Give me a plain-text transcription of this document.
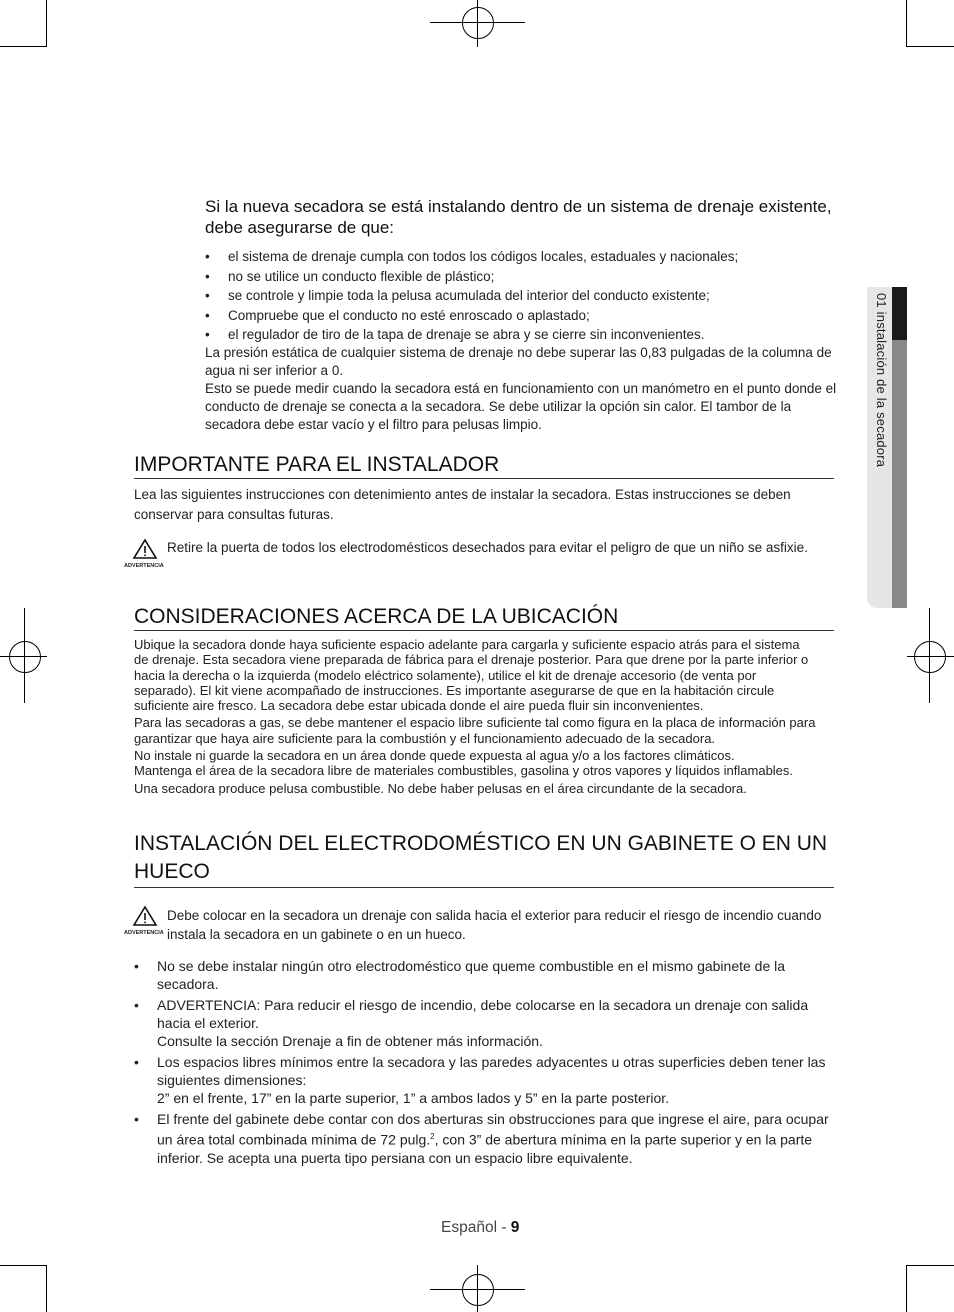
01 instalación de la secadora
Si la nueva secadora se está instalando dentro de un sistema de drenaje existente, debe asegurarse de que:
• el sistema de drenaje cumpla con todos los códigos locales, estaduales y nacionales;
• no se utilice un conducto flexible de plástico;
• se controle y limpie toda la pelusa acumulada del interior del conducto existente;
• Compruebe que el conducto no esté enroscado o aplastado;
• el regulador de tiro de la tapa de drenaje se abra y se cierre sin inconvenientes.
La presión estática de cualquier sistema de drenaje no debe superar las 0,83 pulgadas de la columna de agua ni ser inferior a 0.
Esto se puede medir cuando la secadora está en funcionamiento con un manómetro en el punto donde el conducto de drenaje se conecta a la secadora. Se debe utilizar la opción sin calor. El tambor de la secadora debe estar vacío y el filtro para pelusas limpio.
IMPORTANTE PARA EL INSTALADOR
Lea las siguientes instrucciones con detenimiento antes de instalar la secadora. Estas instrucciones se deben conservar para consultas futuras.
ADVERTENCIA
Retire la puerta de todos los electrodomésticos desechados para evitar el peligro de que un niño se asfixie.
CONSIDERACIONES ACERCA DE LA UBICACIÓN
Ubique la secadora donde haya suficiente espacio adelante para cargarla y suficiente espacio atrás para el sistema de drenaje. Esta secadora viene preparada de fábrica para el drenaje posterior. Para que drene por la parte inferior o hacia la derecha o la izquierda (modelo eléctrico solamente), utilice el kit de drenaje accesorio (de venta por separado). El kit viene acompañado de instrucciones. Es importante asegurarse de que en la habitación circule suficiente aire fresco. La secadora debe estar ubicada donde el aire pueda fluir sin inconvenientes.
Para las secadoras a gas, se debe mantener el espacio libre suficiente tal como figura en la placa de información para garantizar que haya aire suficiente para la combustión y el funcionamiento adecuado de la secadora.
No instale ni guarde la secadora en un área donde quede expuesta al agua y/o a los factores climáticos.
Mantenga el área de la secadora libre de materiales combustibles, gasolina y otros vapores y líquidos inflamables.
Una secadora produce pelusa combustible. No debe haber pelusas en el área circundante de la secadora.
INSTALACIÓN DEL ELECTRODOMÉSTICO EN UN GABINETE O EN UN HUECO
ADVERTENCIA
Debe colocar en la secadora un drenaje con salida hacia el exterior para reducir el riesgo de incendio cuando instala la secadora en un gabinete o en un hueco.
• No se debe instalar ningún otro electrodoméstico que queme combustible en el mismo gabinete de la secadora.
• ADVERTENCIA: Para reducir el riesgo de incendio, debe colocarse en la secadora un drenaje con salida hacia el exterior.
Consulte la sección Drenaje a fin de obtener más información.
• Los espacios libres mínimos entre la secadora y las paredes adyacentes u otras superficies deben tener las siguientes dimensiones:
2” en el frente, 17” en la parte superior, 1” a ambos lados y 5” en la parte posterior.
• El frente del gabinete debe contar con dos aberturas sin obstrucciones para que ingrese el aire, para ocupar un área total combinada mínima de 72 pulg.$^2$, con 3” de abertura mínima en la parte superior y en la parte inferior. Se acepta una puerta tipo persiana con un espacio libre equivalente.
Español - 9
